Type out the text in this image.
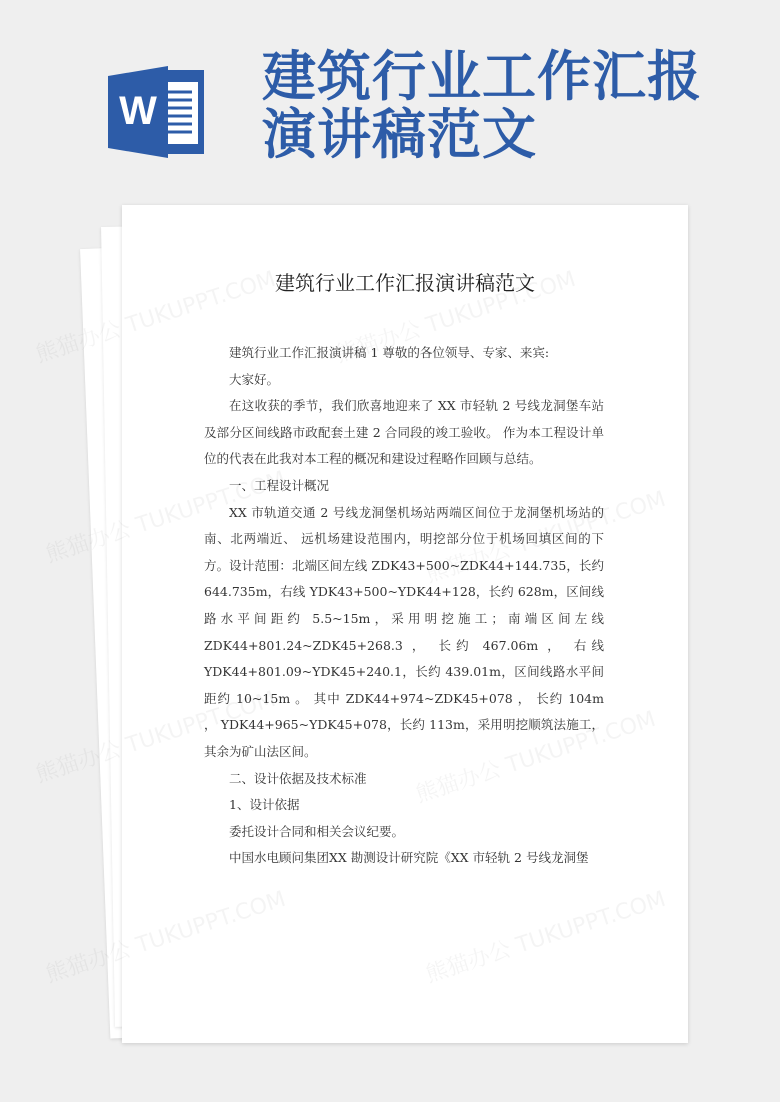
W
建筑行业工作汇报
演讲稿范文
建筑行业工作汇报演讲稿范文

建筑行业工作汇报演讲稿 1 尊敬的各位领导、专家、来宾:

大家好。

在这收获的季节，我们欣喜地迎来了 XX 市轻轨 2 号线龙洞堡车站及部分区间线路市政配套土建 2 合同段的竣工验收。 作为本工程设计单位的代表在此我对本工程的概况和建设过程略作回顾与总结。

一、工程设计概况

XX 市轨道交通 2 号线龙洞堡机场站两端区间位于龙洞堡机场站的南、北两端近、 远机场建设范围内，明挖部分位于机场回填区间的下方。设计范围：北端区间左线 ZDK43+500~ZDK44+144.735，长约 644.735m，右线 YDK43+500~YDK44+128，长约 628m，区间线路水平间距约 5.5~15m，采用明挖施工；南端区间左线 ZDK44+801.24~ZDK45+268.3 ， 长约 467.06m ， 右线 YDK44+801.09~YDK45+240.1，长约 439.01m，区间线路水平间距约 10~15m 。 其中 ZDK44+974~ZDK45+078 ， 长约 104m ， YDK44+965~YDK45+078，长约 113m，采用明挖顺筑法施工，其余为矿山法区间。

二、设计依据及技术标准

1、设计依据

委托设计合同和相关会议纪要。

中国水电顾问集团XX 勘测设计研究院《XX 市轻轨 2 号线龙洞堡
